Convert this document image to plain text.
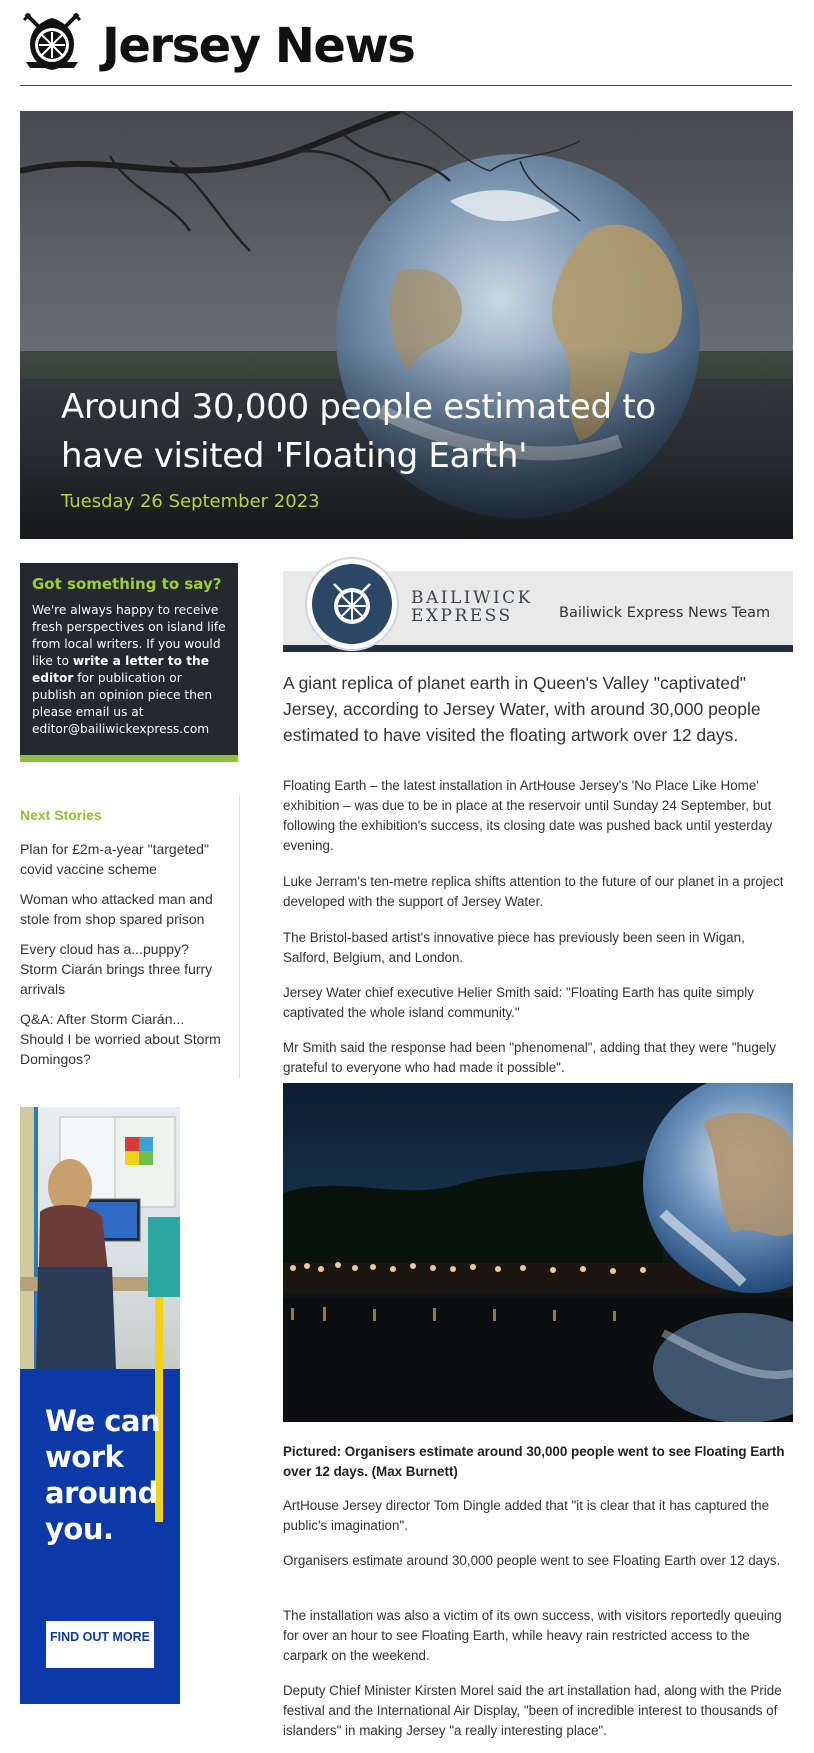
Jersey News
Around 30,000 people estimated to have visited 'Floating Earth'
Tuesday 26 September 2023
Got something to say?
We're always happy to receive fresh perspectives on island life from local writers. If you would like to write a letter to the editor for publication or publish an opinion piece then please email us at editor@bailiwickexpress.com
Next Stories
Plan for £2m-a-year "targeted" covid vaccine scheme
Woman who attacked man and stole from shop spared prison
Every cloud has a...puppy? Storm Ciarán brings three furry arrivals
Q&A: After Storm Ciarán... Should I be worried about Storm Domingos?
We can work around you.
FIND OUT MORE
BAILIWICK EXPRESS	Bailiwick Express News Team
A giant replica of planet earth in Queen's Valley "captivated" Jersey, according to Jersey Water, with around 30,000 people estimated to have visited the floating artwork over 12 days.
Floating Earth – the latest installation in ArtHouse Jersey's 'No Place Like Home' exhibition – was due to be in place at the reservoir until Sunday 24 September, but following the exhibition's success, its closing date was pushed back until yesterday evening.
Luke Jerram's ten-metre replica shifts attention to the future of our planet in a project developed with the support of Jersey Water.
The Bristol-based artist's innovative piece has previously been seen in Wigan, Salford, Belgium, and London.
Jersey Water chief executive Helier Smith said: "Floating Earth has quite simply captivated the whole island community."
Mr Smith said the response had been "phenomenal", adding that they were "hugely grateful to everyone who had made it possible".
Pictured: Organisers estimate around 30,000 people went to see Floating Earth over 12 days. (Max Burnett)
ArtHouse Jersey director Tom Dingle added that "it is clear that it has captured the public's imagination".
Organisers estimate around 30,000 people went to see Floating Earth over 12 days.
The installation was also a victim of its own success, with visitors reportedly queuing for over an hour to see Floating Earth, while heavy rain restricted access to the carpark on the weekend.
Deputy Chief Minister Kirsten Morel said the art installation had, along with the Pride festival and the International Air Display, "been of incredible interest to thousands of islanders" in making Jersey "a really interesting place".
